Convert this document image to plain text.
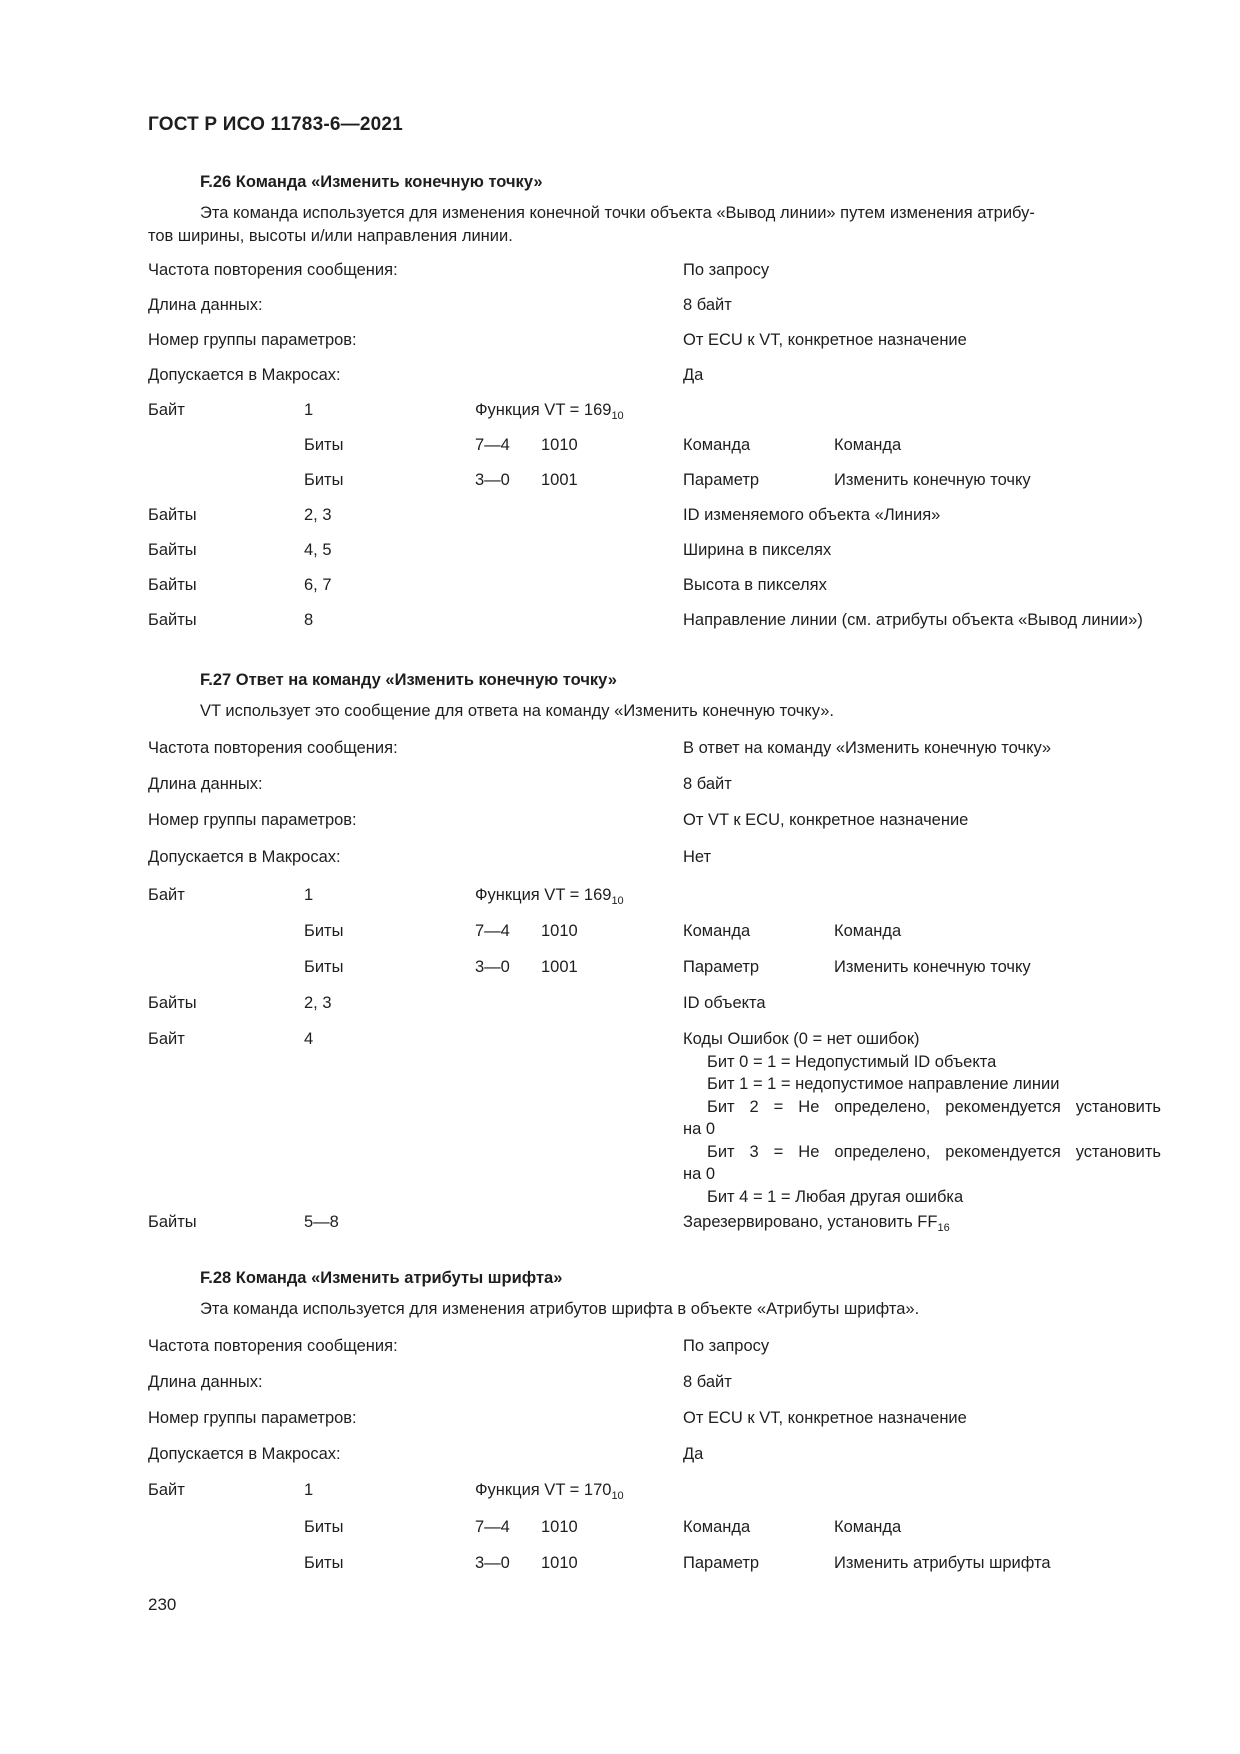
ГОСТ Р ИСО 11783-6—2021
F.26 Команда «Изменить конечную точку»
Эта команда используется для изменения конечной точки объекта «Вывод линии» путем изменения атрибу-
тов ширины, высоты и/или направления линии.
Частота повторения сообщения:	По запросу
Длина данных:	8 байт
Номер группы параметров:	От ECU к VT, конкретное назначение
Допускается в Макросах:	Да
Байт	1	Функция VT = $169_{10}$
Биты	7—4 1010	Команда	Команда
Биты	3—0 1001	Параметр	Изменить конечную точку
Байты	2, 3	ID изменяемого объекта «Линия»
Байты	4, 5	Ширина в пикселях
Байты	6, 7	Высота в пикселях
Байты	8	Направление линии (см. атрибуты объекта «Вывод линии»)
F.27 Ответ на команду «Изменить конечную точку»
VT использует это сообщение для ответа на команду «Изменить конечную точку».
Частота повторения сообщения:	В ответ на команду «Изменить конечную точку»
Длина данных:	8 байт
Номер группы параметров:	От VT к ECU, конкретное назначение
Допускается в Макросах:	Нет
Байт	1	Функция VT = $169_{10}$
Биты	7—4 1010	Команда	Команда
Биты	3—0 1001	Параметр	Изменить конечную точку
Байты	2, 3	ID объекта
Байт	4	Коды Ошибок (0 = нет ошибок)
Бит 0 = 1 = Недопустимый ID объекта
Бит 1 = 1 = недопустимое направление линии
Бит 2 = Не определено, рекомендуется установить
на 0
Бит 3 = Не определено, рекомендуется установить
на 0
Бит 4 = 1 = Любая другая ошибка
Байты	5—8	Зарезервировано, установить $FF_{16}$
F.28 Команда «Изменить атрибуты шрифта»
Эта команда используется для изменения атрибутов шрифта в объекте «Атрибуты шрифта».
Частота повторения сообщения:	По запросу
Длина данных:	8 байт
Номер группы параметров:	От ECU к VT, конкретное назначение
Допускается в Макросах:	Да
Байт	1	Функция VT = $170_{10}$
Биты	7—4 1010	Команда	Команда
Биты	3—0 1010	Параметр	Изменить атрибуты шрифта
230
